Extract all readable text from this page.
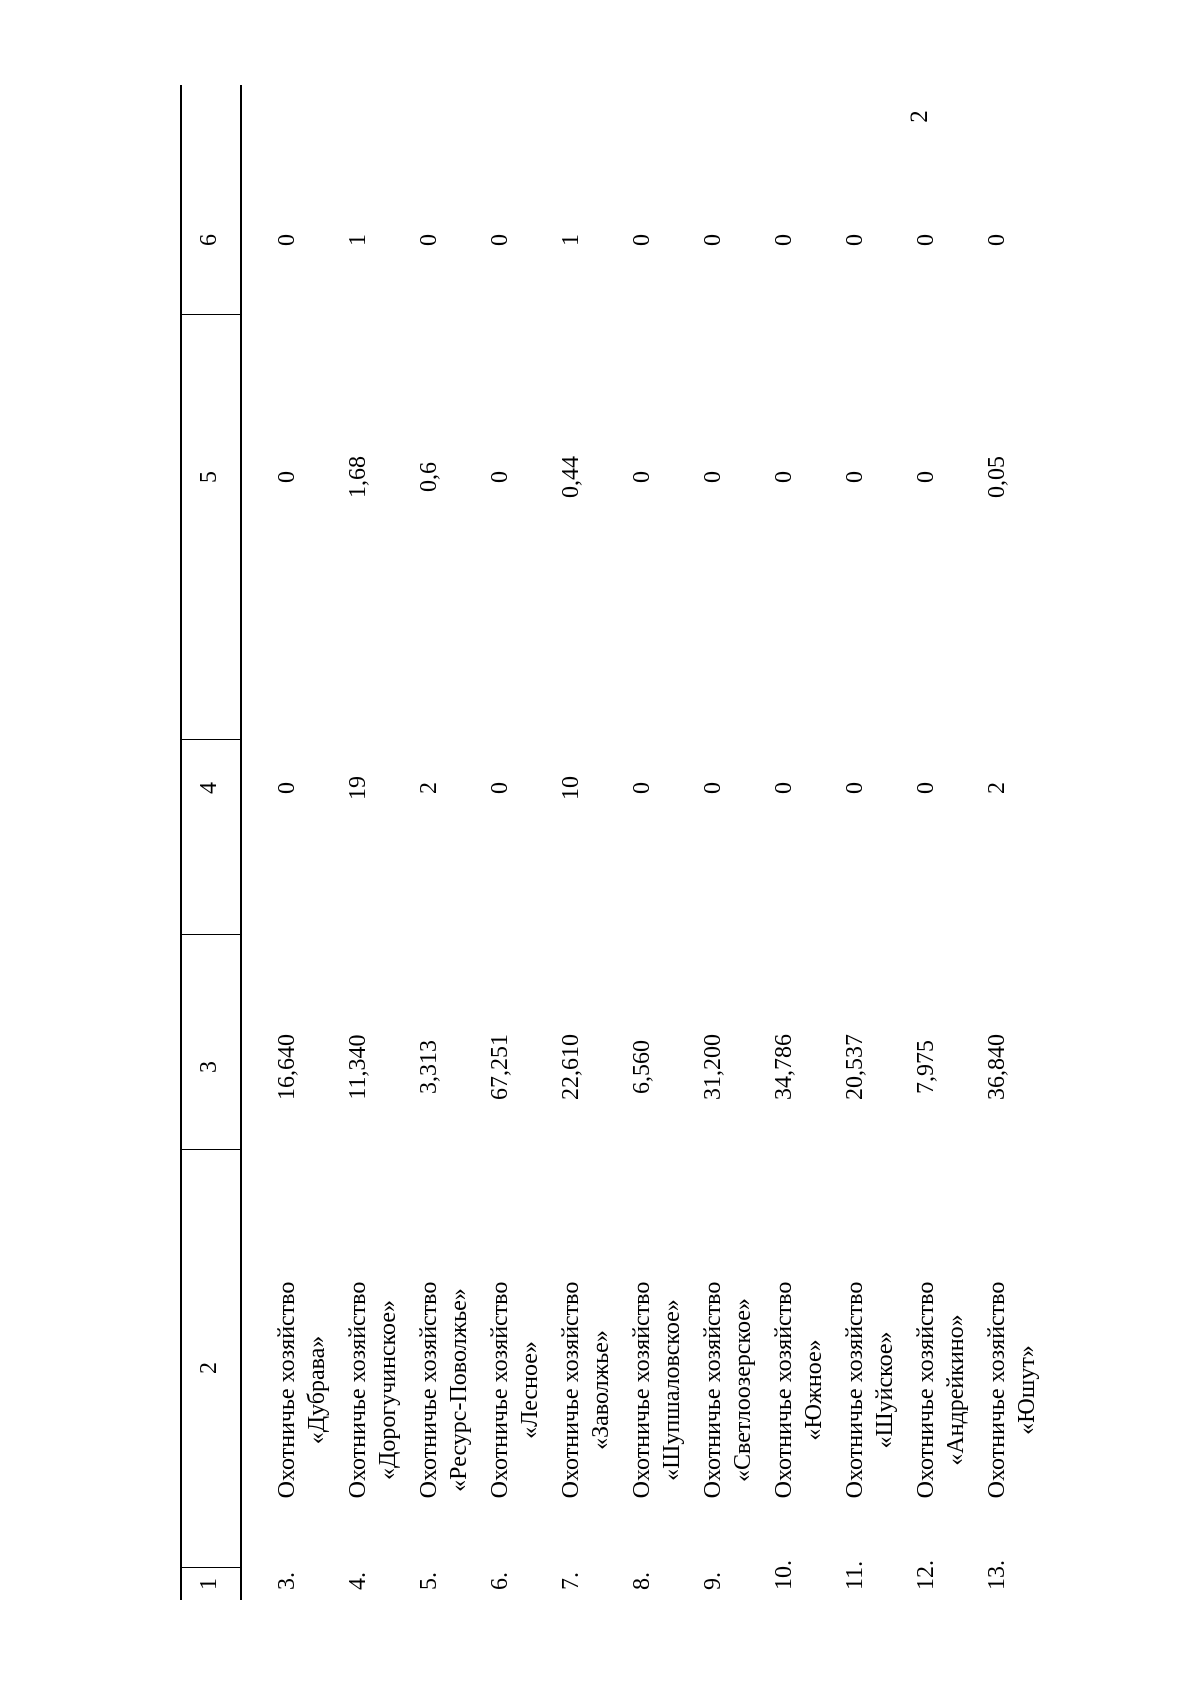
2
1
2
3
4
5
6
3.
Охотничье хозяйство «Дубрава»
16,640
0
0
0
4.
Охотничье хозяйство «Дорогучинское»
11,340
19
1,68
1
5.
Охотничье хозяйство «Ресурс-Поволжье»
3,313
2
0,6
0
6.
Охотничье хозяйство «Лесное»
67,251
0
0
0
7.
Охотничье хозяйство «Заволжье»
22,610
10
0,44
1
8.
Охотничье хозяйство «Шупшаловское»
6,560
0
0
0
9.
Охотничье хозяйство «Светлоозерское»
31,200
0
0
0
10.
Охотничье хозяйство «Южное»
34,786
0
0
0
11.
Охотничье хозяйство «Шуйское»
20,537
0
0
0
12.
Охотничье хозяйство «Андрейкино»
7,975
0
0
0
13.
Охотничье хозяйство «Юшут»
36,840
2
0,05
0
